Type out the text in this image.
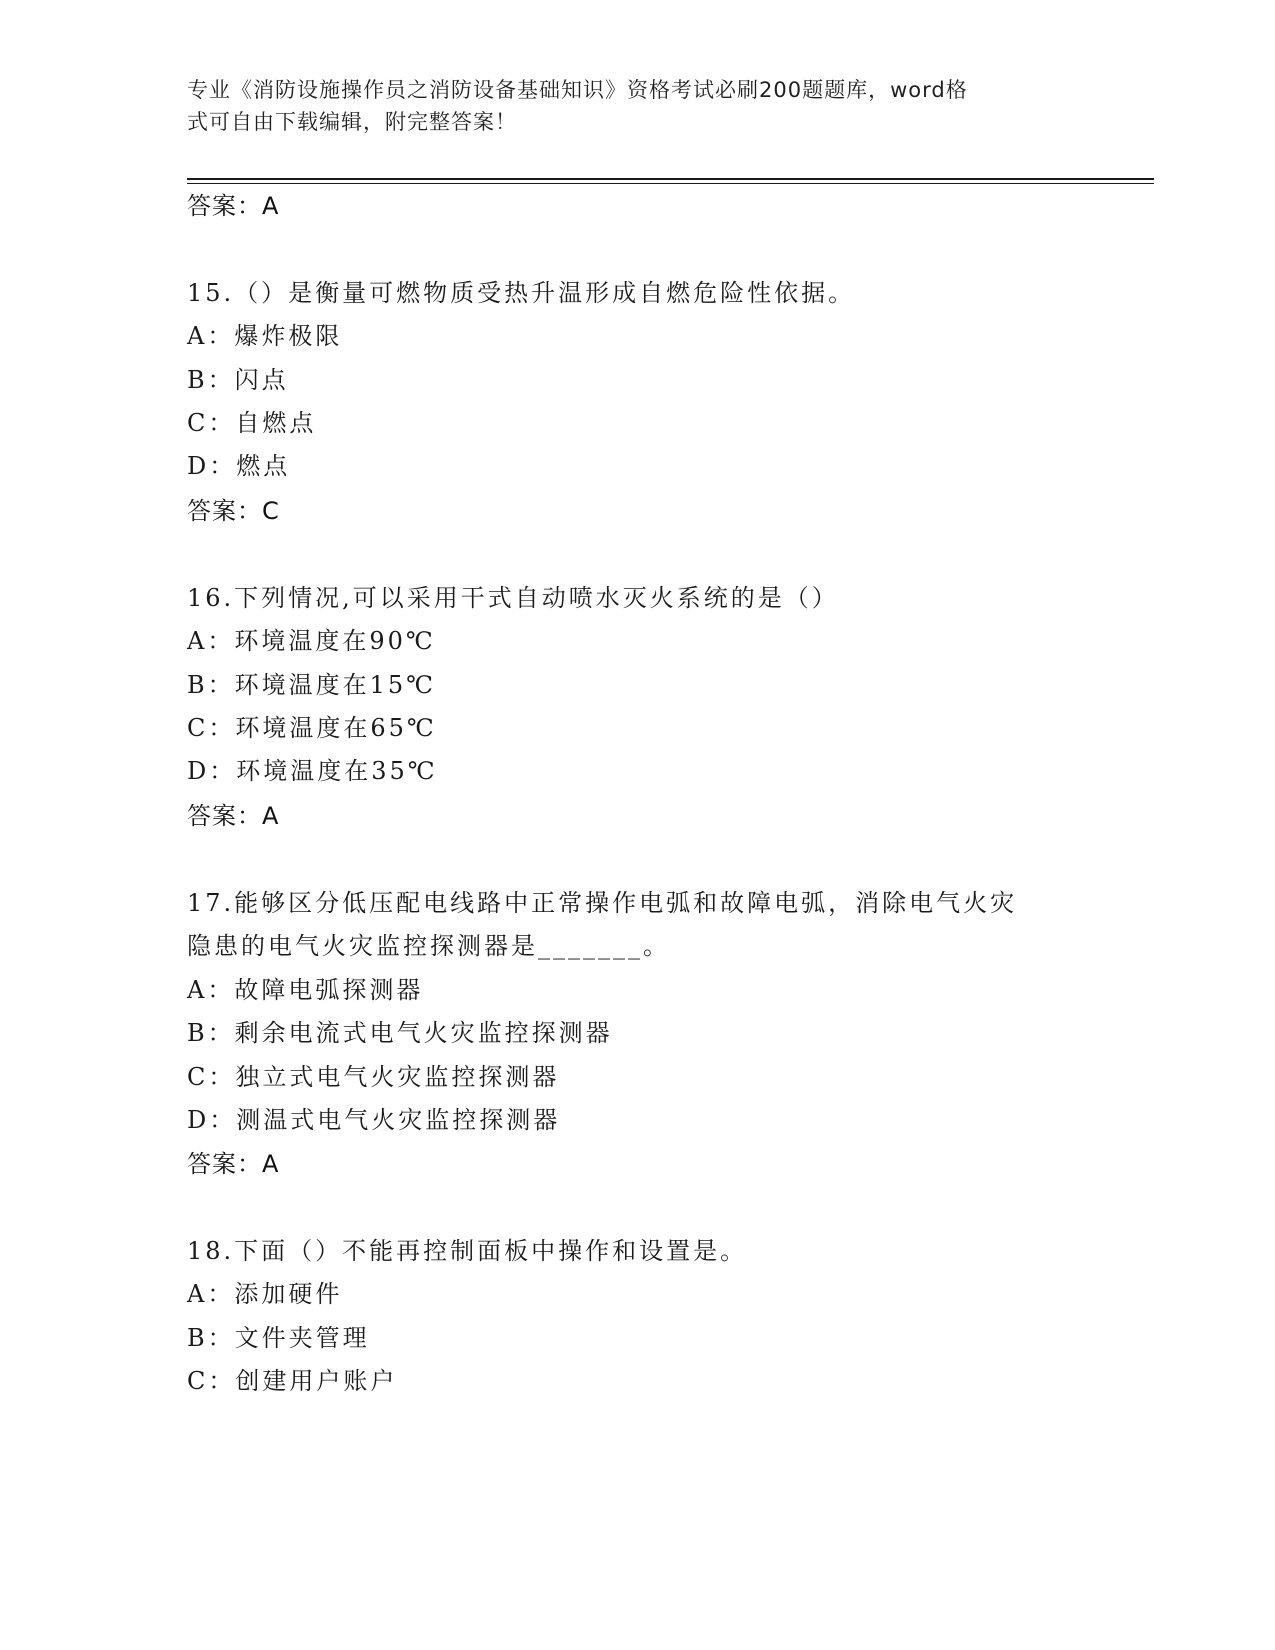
专业《消防设施操作员之消防设备基础知识》资格考试必刷200题题库，word格
式可自由下载编辑，附完整答案！
答案：A
15.（）是衡量可燃物质受热升温形成自燃危险性依据。
A：爆炸极限
B：闪点
C：自燃点
D：燃点
答案：C
16.下列情况,可以采用干式自动喷水灭火系统的是（）
A：环境温度在90℃
B：环境温度在15℃
C：环境温度在65℃
D：环境温度在35℃
答案：A
17.能够区分低压配电线路中正常操作电弧和故障电弧，消除电气火灾
隐患的电气火灾监控探测器是_______。
A：故障电弧探测器
B：剩余电流式电气火灾监控探测器
C：独立式电气火灾监控探测器
D：测温式电气火灾监控探测器
答案：A
18.下面（）不能再控制面板中操作和设置是。
A：添加硬件
B：文件夹管理
C：创建用户账户
